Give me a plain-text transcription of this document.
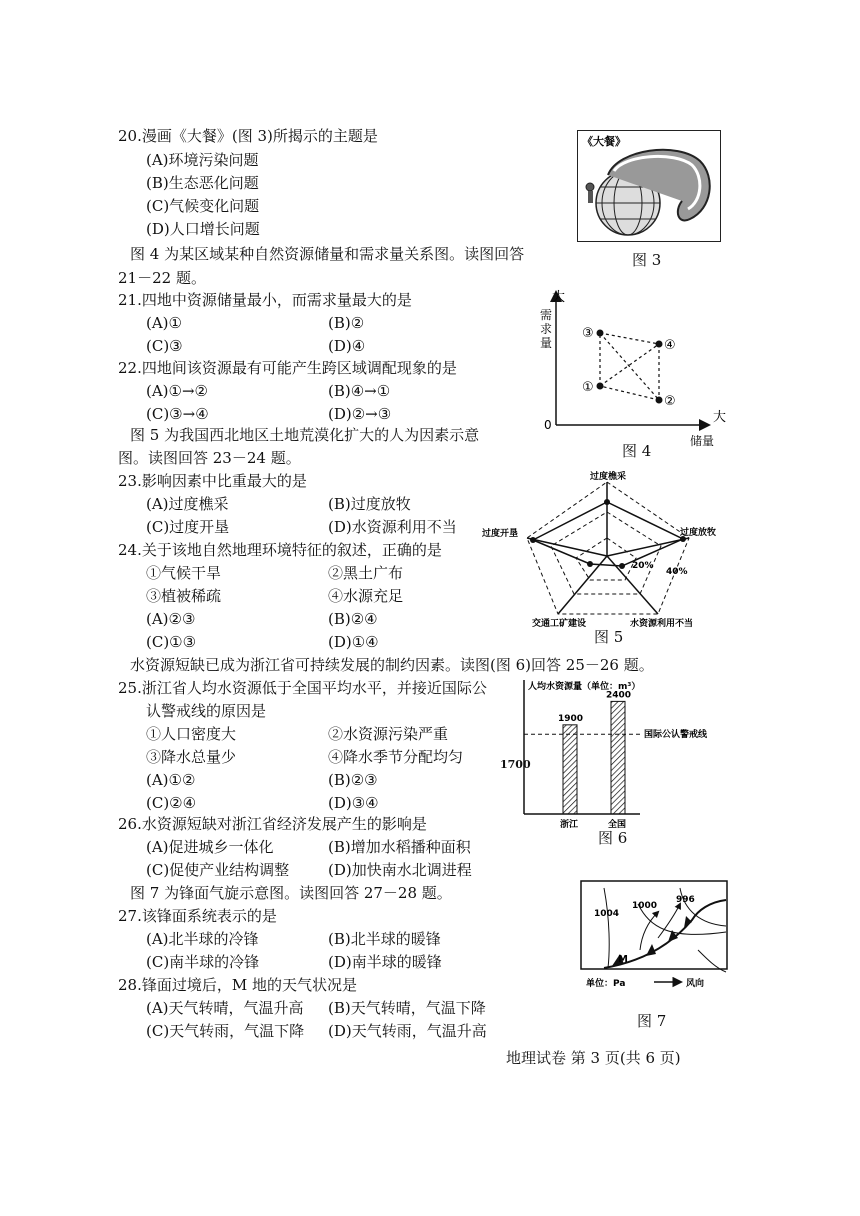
20.漫画《大餐》(图 3)所揭示的主题是
(A)环境污染问题
(B)生态恶化问题
(C)气候变化问题
(D)人口增长问题
《大餐》
图 3
图 4 为某区域某种自然资源储量和需求量关系图。读图回答
21－22 题。
21.四地中资源储量最小，而需求量最大的是
(A)①	(B)②
(C)③	(D)④
22.四地间该资源最有可能产生跨区域调配现象的是
(A)①→②	(B)④→①
(C)③→④	(D)②→③
大
需
求
量
0	大
储量
①
②
③
④
图 4
图 5 为我国西北地区土地荒漠化扩大的人为因素示意
图。读图回答 23－24 题。
23.影响因素中比重最大的是
(A)过度樵采	(B)过度放牧
(C)过度开垦	(D)水资源利用不当
24.关于该地自然地理环境特征的叙述，正确的是
①气候干旱	②黑土广布
③植被稀疏	④水源充足
(A)②③	(B)②④
(C)①③	(D)①④
过度樵采
过度放牧
水资源利用不当
交通工矿建设
过度开垦
20%
40%
图 5
水资源短缺已成为浙江省可持续发展的制约因素。读图(图 6)回答 25－26 题。
25.浙江省人均水资源低于全国平均水平，并接近国际公
认警戒线的原因是
①人口密度大	②水资源污染严重
③降水总量少	④降水季节分配均匀
(A)①②	(B)②③
(C)②④	(D)③④
人均水资源量（单位：m³）
1900
浙江
2400
全国
国际公认警戒线
1700
图 6
26.水资源短缺对浙江省经济发展产生的影响是
(A)促进城乡一体化	(B)增加水稻播种面积
(C)促使产业结构调整	(D)加快南水北调进程
图 7 为锋面气旋示意图。读图回答 27－28 题。
27.该锋面系统表示的是
(A)北半球的冷锋	(B)北半球的暖锋
(C)南半球的冷锋	(D)南半球的暖锋
28.锋面过境后，M 地的天气状况是
(A)天气转晴，气温升高 (B)天气转晴，气温下降
(C)天气转雨，气温下降 (D)天气转雨，气温升高
1004
1000
996
M
单位：Pa	风向
图 7
地理试卷 第 3 页(共 6 页)
